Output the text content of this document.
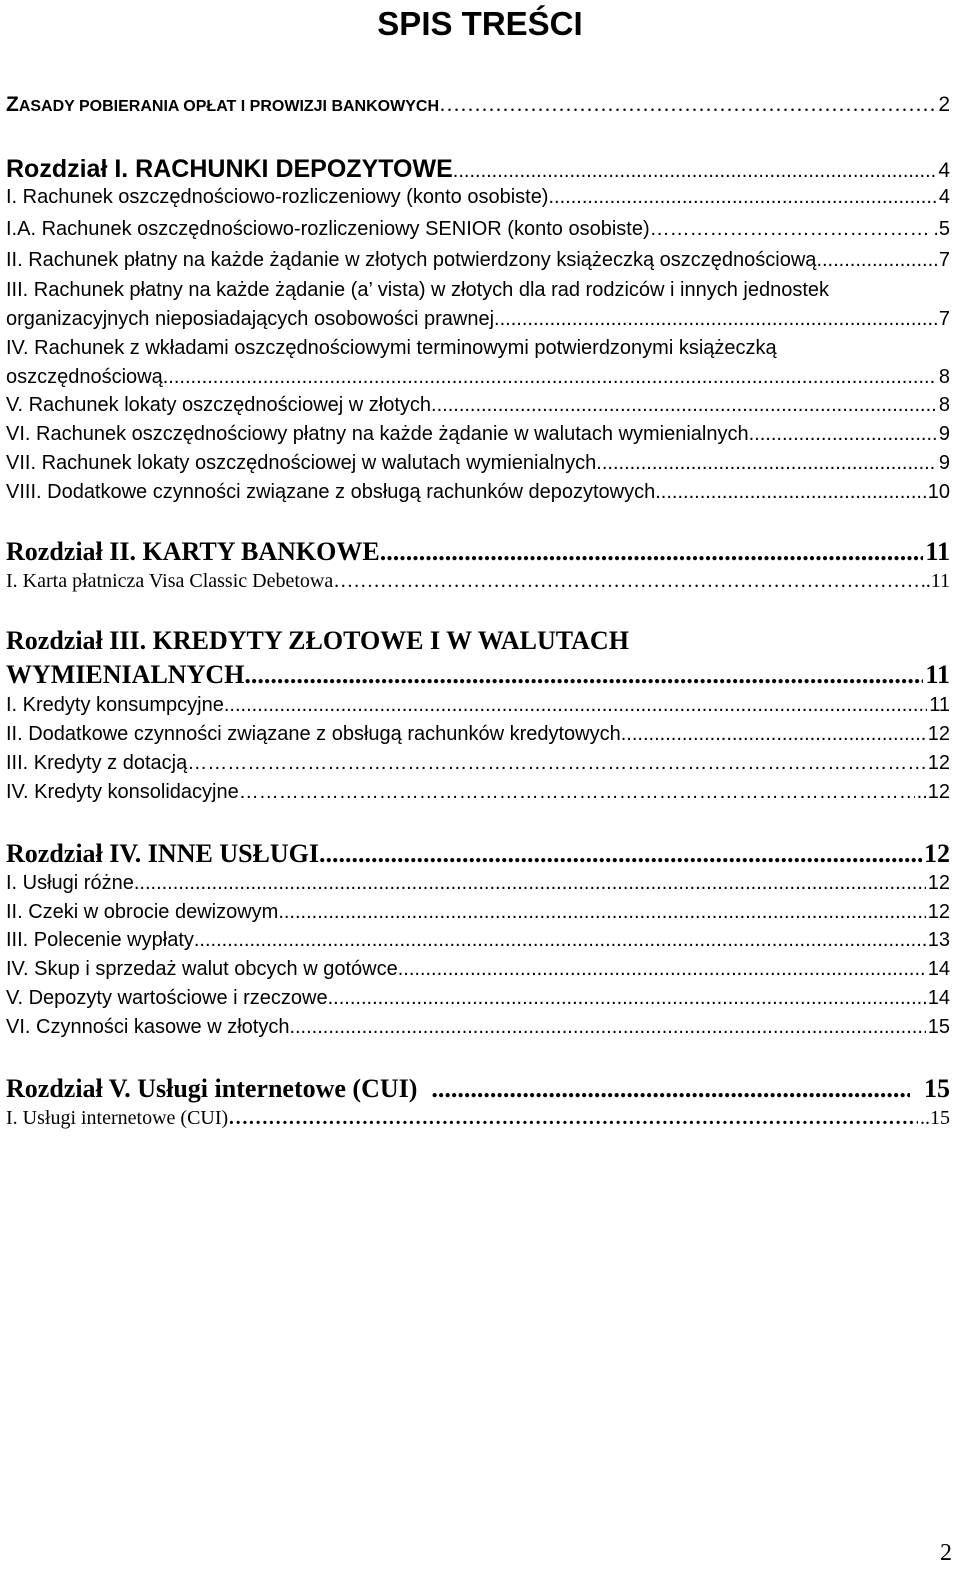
SPIS TREŚCI
ZASADY POBIERANIA OPŁAT I PROWIZJI BANKOWYCH ……………………………………………………………………………………………………………………………………………………	2
Rozdział I. RACHUNKI DEPOZYTOWE .....	4
I. Rachunek oszczędnościowo-rozliczeniowy (konto osobiste) .....	4
I.A. Rachunek oszczędnościowo-rozliczeniowy SENIOR (konto osobiste) ……………………………………………………………………………………………………………………………………………………	.5
II. Rachunek płatny na każde żądanie w złotych potwierdzony książeczką oszczędnościową .....	7
III. Rachunek płatny na każde żądanie (a’ vista) w złotych dla rad rodziców i innych jednostek
organizacyjnych nieposiadających osobowości prawnej. .....	7
IV. Rachunek z wkładami oszczędnościowymi terminowymi potwierdzonymi książeczką
oszczędnościową .....	8
V. Rachunek lokaty oszczędnościowej w złotych .....	8
VI. Rachunek oszczędnościowy płatny na każde żądanie w walutach wymienialnych .....	9
VII. Rachunek lokaty oszczędnościowej w walutach wymienialnych .....	9
VIII. Dodatkowe czynności związane z obsługą rachunków depozytowych .....	10
Rozdział II. KARTY BANKOWE .....	11
I. Karta płatnicza Visa Classic Debetowa ……………………………………………………………………………………………………………………………………………………	..11
Rozdział III. KREDYTY ZŁOTOWE I W WALUTACH
WYMIENIALNYCH .....	11
I. Kredyty konsumpcyjne .....	11
II. Dodatkowe czynności związane z obsługą rachunków kredytowych .....	12
III. Kredyty z dotacją ……………………………………………………………………………………………………………………………………………………	12
IV. Kredyty konsolidacyjne ……………………………………………………………………………………………………………………………………………………	..12
Rozdział IV. INNE USŁUGI .....	12
I. Usługi różne .....	12
II. Czeki w obrocie dewizowym .....	12
III. Polecenie wypłaty .....	13
IV. Skup i sprzedaż walut obcych w gotówce .....	14
V. Depozyty wartościowe i rzeczowe .....	14
VI. Czynności kasowe w złotych .....	15
Rozdział V. Usługi internetowe (CUI) .....	15
I. Usługi internetowe (CUI) ……………………………………………………………………………………………………………………………………………………	..15
2
